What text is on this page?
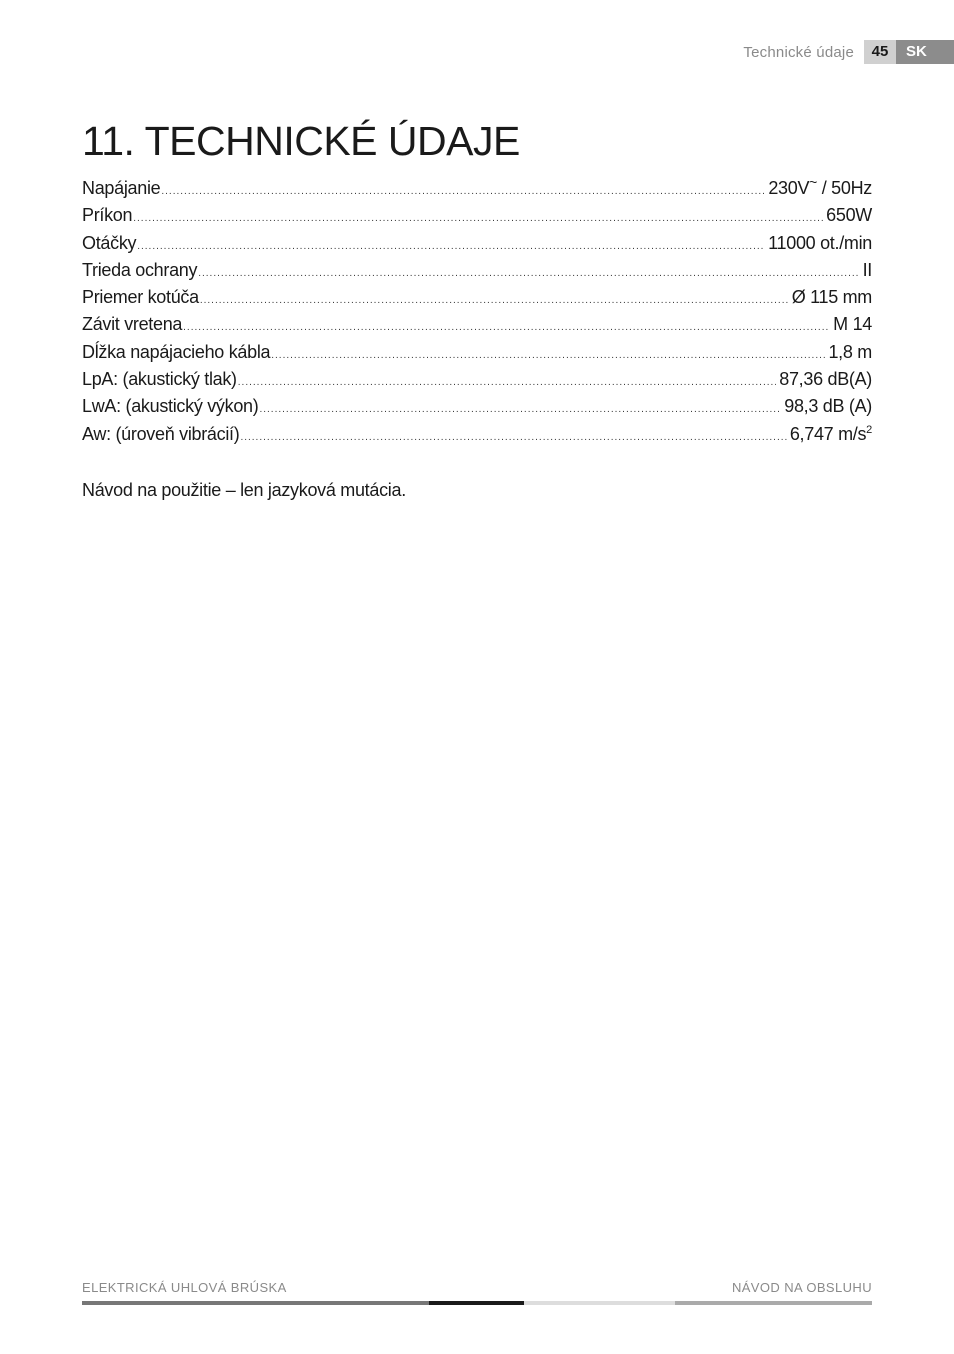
Technické údaje	45	SK
11. TECHNICKÉ ÚDAJE
Napájanie .....	230V~ / 50Hz
Príkon .....	650W
Otáčky .....	11000 ot./min
Trieda ochrany .....	II
Priemer kotúča .....	Ø 115 mm
Závit vretena .....	M 14
Dĺžka napájacieho kábla .....	1,8 m
LpA: (akustický tlak) .....	87,36 dB(A)
LwA: (akustický výkon) .....	98,3 dB (A)
Aw: (úroveň vibrácií) .....	6,747 $m/s^2$

Návod na použitie – len jazyková mutácia.

ELEKTRICKÁ UHLOVÁ BRÚSKA	NÁVOD NA OBSLUHU
